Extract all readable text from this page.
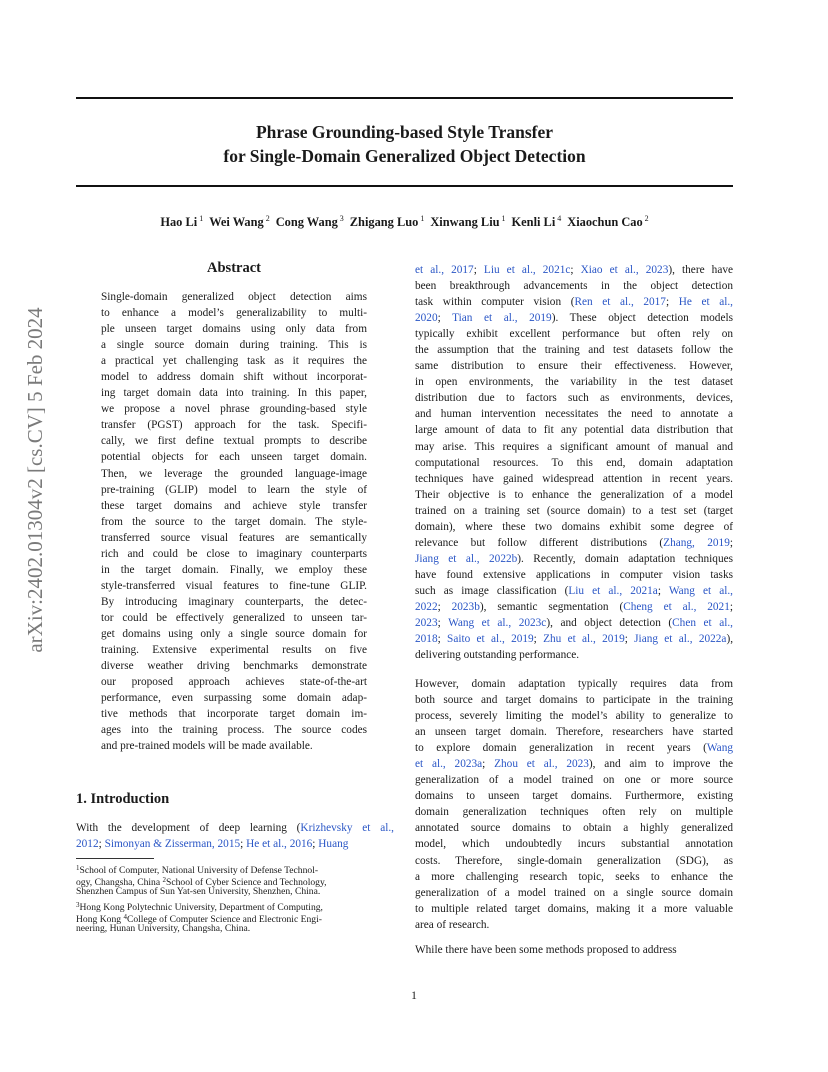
Phrase Grounding-based Style Transfer
for Single-Domain Generalized Object Detection
Hao Li $^1$ Wei Wang $^2$ Cong Wang $^3$ Zhigang Luo $^1$ Xinwang Liu $^1$ Kenli Li $^4$ Xiaochun Cao $^2$
arXiv:2402.01304v2 [cs.CV] 5 Feb 2024
Abstract
Single-domain generalized object detection aims
to enhance a model’s generalizability to multi-
ple unseen target domains using only data from
a single source domain during training. This is
a practical yet challenging task as it requires the
model to address domain shift without incorporat-
ing target domain data into training. In this paper,
we propose a novel phrase grounding-based style
transfer (PGST) approach for the task. Specifi-
cally, we first define textual prompts to describe
potential objects for each unseen target domain.
Then, we leverage the grounded language-image
pre-training (GLIP) model to learn the style of
these target domains and achieve style transfer
from the source to the target domain. The style-
transferred source visual features are semantically
rich and could be close to imaginary counterparts
in the target domain. Finally, we employ these
style-transferred visual features to fine-tune GLIP.
By introducing imaginary counterparts, the detec-
tor could be effectively generalized to unseen tar-
get domains using only a single source domain for
training. Extensive experimental results on five
diverse weather driving benchmarks demonstrate
our proposed approach achieves state-of-the-art
performance, even surpassing some domain adap-
tive methods that incorporate target domain im-
ages into the training process. The source codes
and pre-trained models will be made available.
1. Introduction
With the development of deep learning (Krizhevsky et al.,
2012; Simonyan & Zisserman, 2015; He et al., 2016; Huang
$^1$School of Computer, National University of Defense Technol-
ogy, Changsha, China $^2$School of Cyber Science and Technology,
Shenzhen Campus of Sun Yat-sen University, Shenzhen, China.
$^3$Hong Kong Polytechnic University, Department of Computing,
Hong Kong $^4$College of Computer Science and Electronic Engi-
neering, Hunan University, Changsha, China.
et al., 2017; Liu et al., 2021c; Xiao et al., 2023), there have
been breakthrough advancements in the object detection
task within computer vision (Ren et al., 2017; He et al.,
2020; Tian et al., 2019). These object detection models
typically exhibit excellent performance but often rely on
the assumption that the training and test datasets follow the
same distribution to ensure their effectiveness. However,
in open environments, the variability in the test dataset
distribution due to factors such as environments, devices,
and human intervention necessitates the need to annotate a
large amount of data to fit any potential data distribution that
may arise. This requires a significant amount of manual and
computational resources. To this end, domain adaptation
techniques have gained widespread attention in recent years.
Their objective is to enhance the generalization of a model
trained on a training set (source domain) to a test set (target
domain), where these two domains exhibit some degree of
relevance but follow different distributions (Zhang, 2019;
Jiang et al., 2022b). Recently, domain adaptation techniques
have found extensive applications in computer vision tasks
such as image classification (Liu et al., 2021a; Wang et al.,
2022; 2023b), semantic segmentation (Cheng et al., 2021;
2023; Wang et al., 2023c), and object detection (Chen et al.,
2018; Saito et al., 2019; Zhu et al., 2019; Jiang et al., 2022a),
delivering outstanding performance.
However, domain adaptation typically requires data from
both source and target domains to participate in the training
process, severely limiting the model’s ability to generalize to
an unseen target domain. Therefore, researchers have started
to explore domain generalization in recent years (Wang
et al., 2023a; Zhou et al., 2023), and aim to improve the
generalization of a model trained on one or more source
domains to unseen target domains. Furthermore, existing
domain generalization techniques often rely on multiple
annotated source domains to obtain a highly generalized
model, which undoubtedly incurs substantial annotation
costs. Therefore, single-domain generalization (SDG), as
a more challenging research topic, seeks to enhance the
generalization of a model trained on a single source domain
to multiple related target domains, making it a more valuable
area of research.
While there have been some methods proposed to address
1
